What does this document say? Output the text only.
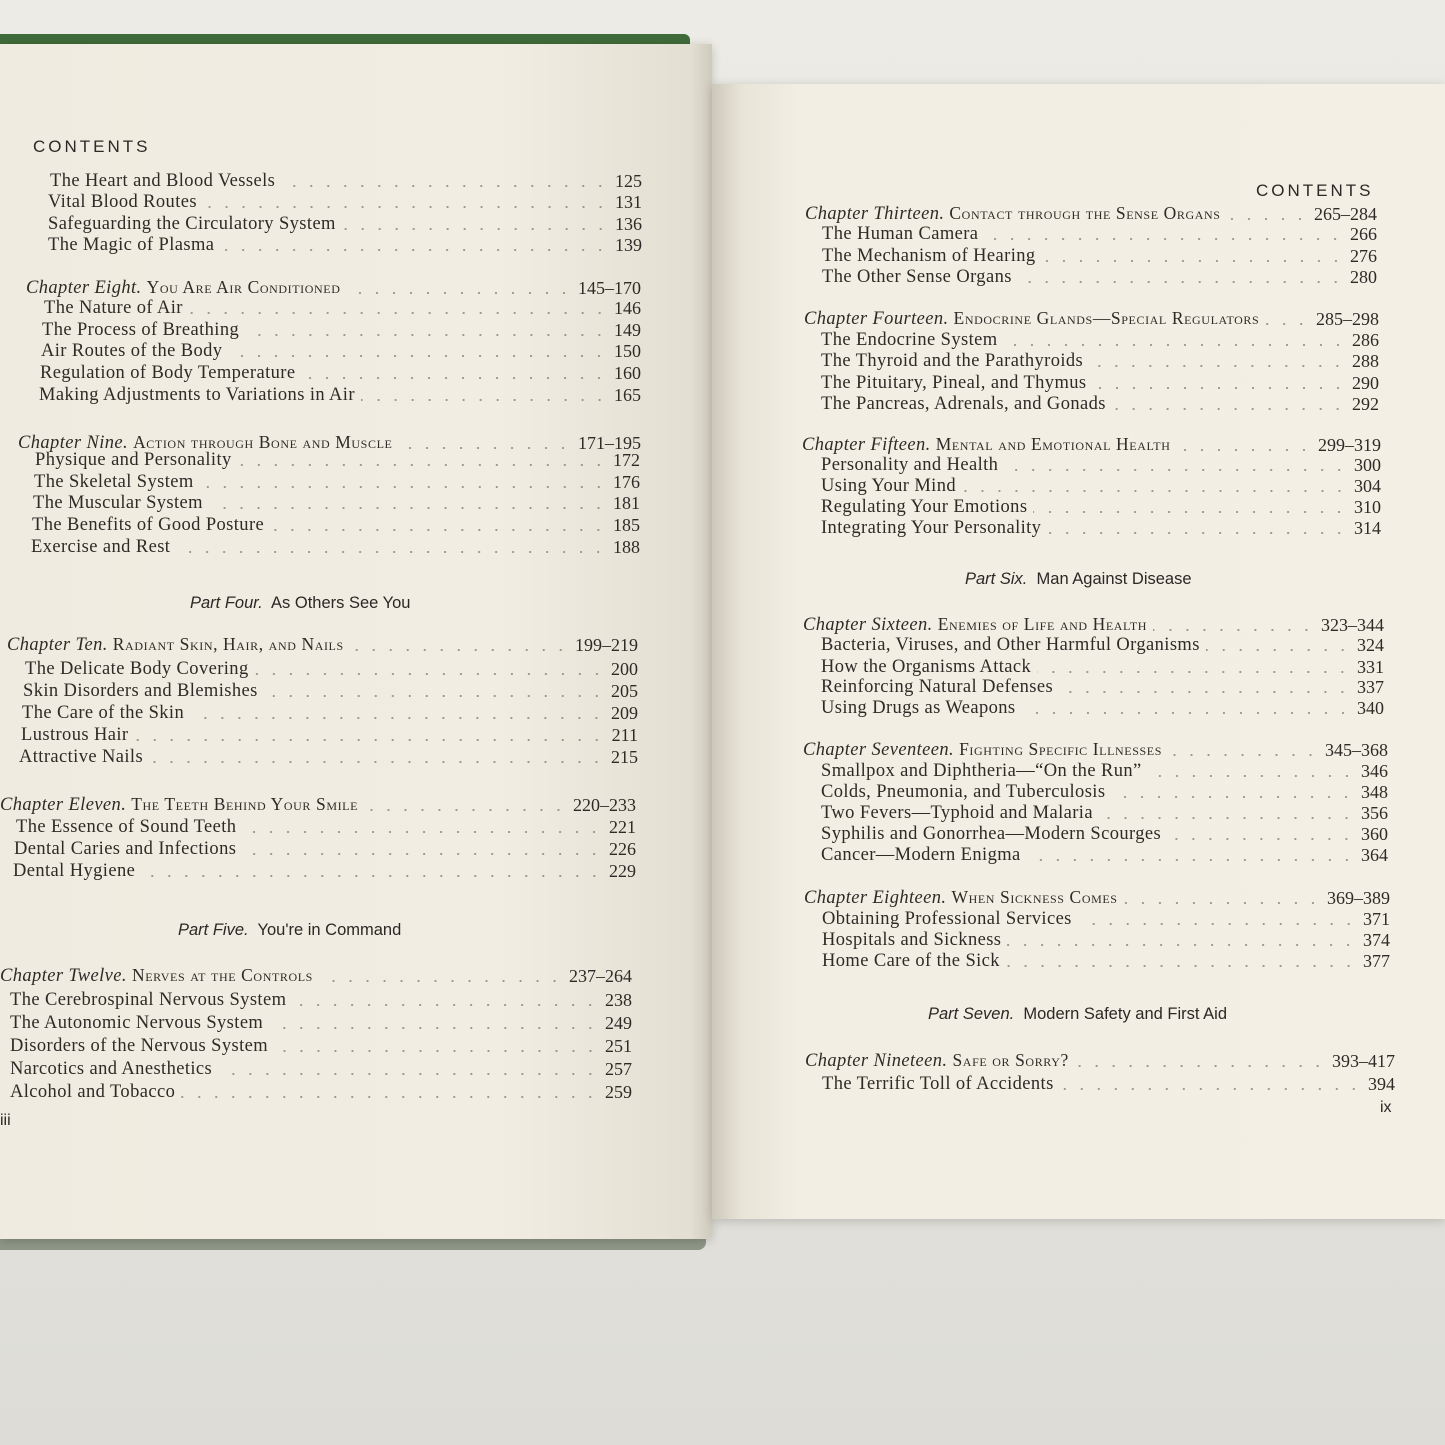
CONTENTS
CONTENTS
The Heart and Blood Vessels	125
Vital Blood Routes	131
Safeguarding the Circulatory System	136
The Magic of Plasma	139
Chapter Eight. You Are Air Conditioned	145–170
The Nature of Air	146
The Process of Breathing	149
Air Routes of the Body	150
Regulation of Body Temperature	160
Making Adjustments to Variations in Air	165
Chapter Nine. Action through Bone and Muscle	171–195
Physique and Personality	172
The Skeletal System	176
The Muscular System	181
The Benefits of Good Posture	185
Exercise and Rest	188
Chapter Ten. Radiant Skin, Hair, and Nails	199–219
The Delicate Body Covering	200
Skin Disorders and Blemishes	205
The Care of the Skin	209
Lustrous Hair	211
Attractive Nails	215
Chapter Eleven. The Teeth Behind Your Smile	220–233
The Essence of Sound Teeth	221
Dental Caries and Infections	226
Dental Hygiene	229
Chapter Twelve. Nerves at the Controls	237–264
The Cerebrospinal Nervous System	238
The Autonomic Nervous System	249
Disorders of the Nervous System	251
Narcotics and Anesthetics	257
Alcohol and Tobacco	259
Chapter Thirteen. Contact through the Sense Organs	265–284
The Human Camera	266
The Mechanism of Hearing	276
The Other Sense Organs	280
Chapter Fourteen. Endocrine Glands—Special Regulators	285–298
The Endocrine System	286
The Thyroid and the Parathyroids	288
The Pituitary, Pineal, and Thymus	290
The Pancreas, Adrenals, and Gonads	292
Chapter Fifteen. Mental and Emotional Health	299–319
Personality and Health	300
Using Your Mind	304
Regulating Your Emotions	310
Integrating Your Personality	314
Chapter Sixteen. Enemies of Life and Health	323–344
Bacteria, Viruses, and Other Harmful Organisms	324
How the Organisms Attack	331
Reinforcing Natural Defenses	337
Using Drugs as Weapons	340
Chapter Seventeen. Fighting Specific Illnesses	345–368
Smallpox and Diphtheria—“On the Run”	346
Colds, Pneumonia, and Tuberculosis	348
Two Fevers—Typhoid and Malaria	356
Syphilis and Gonorrhea—Modern Scourges	360
Cancer—Modern Enigma	364
Chapter Eighteen. When Sickness Comes	369–389
Obtaining Professional Services	371
Hospitals and Sickness	374
Home Care of the Sick	377
Chapter Nineteen. Safe or Sorry?	393–417
The Terrific Toll of Accidents	394
Part Four. As Others See You
Part Five. You're in Command
Part Six. Man Against Disease
Part Seven. Modern Safety and First Aid
iii
ix
